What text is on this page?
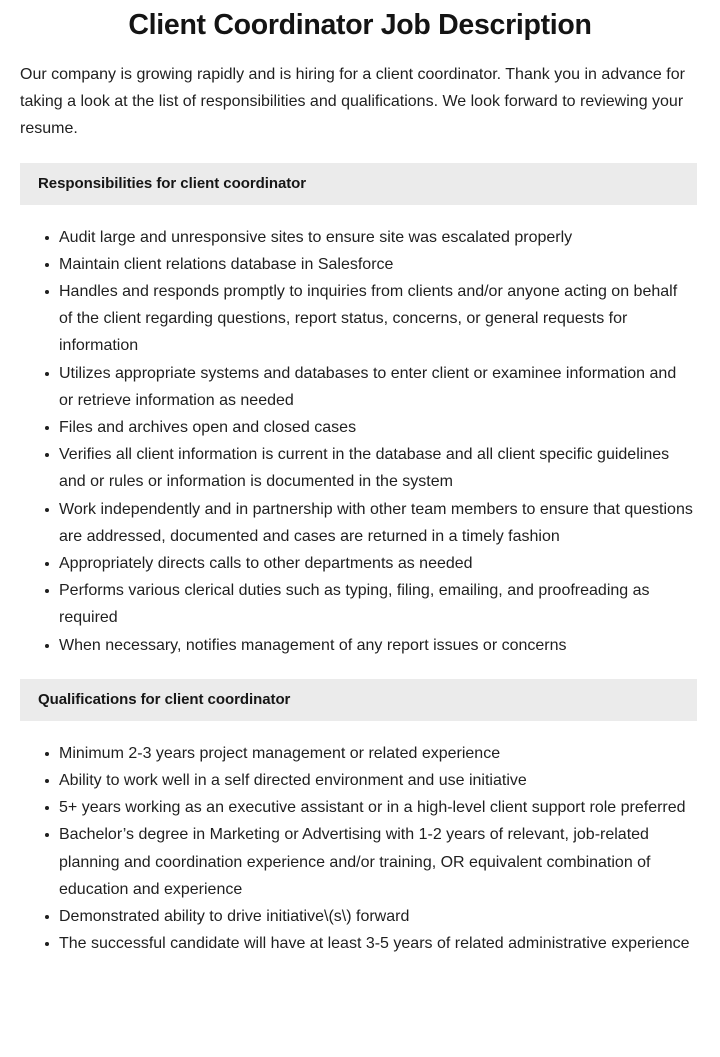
Client Coordinator Job Description

Our company is growing rapidly and is hiring for a client coordinator. Thank you in advance for taking a look at the list of responsibilities and qualifications. We look forward to reviewing your resume.

Responsibilities for client coordinator
Audit large and unresponsive sites to ensure site was escalated properly
Maintain client relations database in Salesforce
Handles and responds promptly to inquiries from clients and/or anyone acting on behalf of the client regarding questions, report status, concerns, or general requests for information
Utilizes appropriate systems and databases to enter client or examinee information and or retrieve information as needed
Files and archives open and closed cases
Verifies all client information is current in the database and all client specific guidelines and or rules or information is documented in the system
Work independently and in partnership with other team members to ensure that questions are addressed, documented and cases are returned in a timely fashion
Appropriately directs calls to other departments as needed
Performs various clerical duties such as typing, filing, emailing, and proofreading as required
When necessary, notifies management of any report issues or concerns
Qualifications for client coordinator
Minimum 2-3 years project management or related experience
Ability to work well in a self directed environment and use initiative
5+ years working as an executive assistant or in a high-level client support role preferred
Bachelor’s degree in Marketing or Advertising with 1-2 years of relevant, job-related planning and coordination experience and/or training, OR equivalent combination of education and experience
Demonstrated ability to drive initiative\(s\) forward
The successful candidate will have at least 3-5 years of related administrative experience
